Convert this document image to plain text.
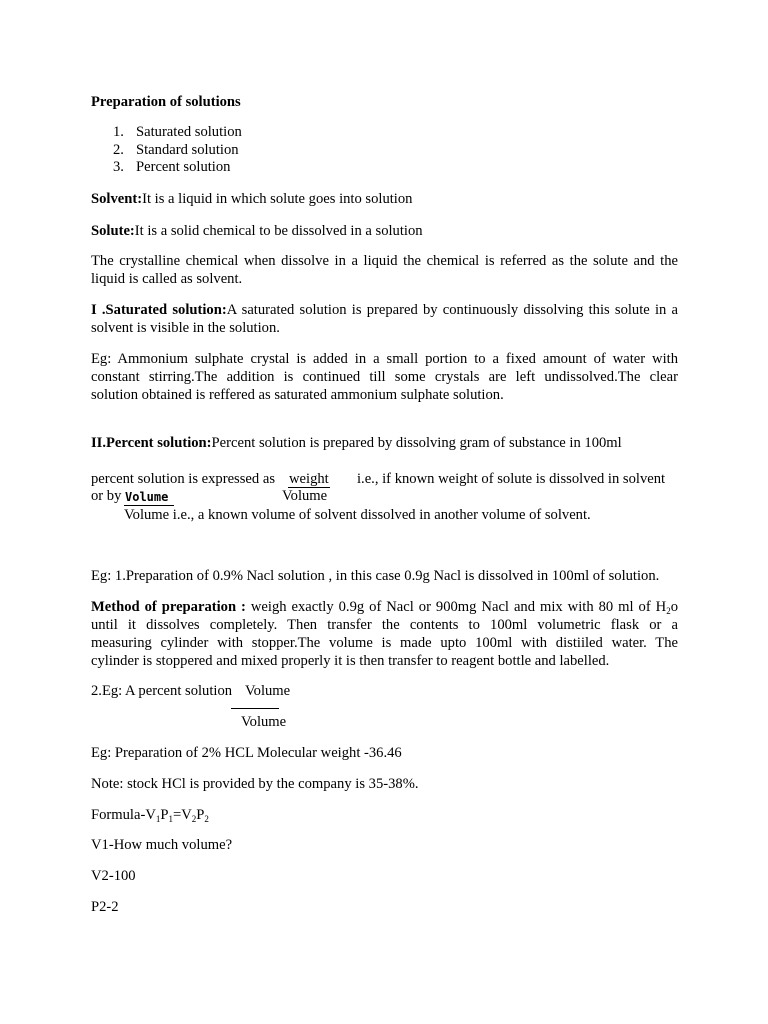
Preparation of solutions
1. Saturated solution
2. Standard solution
3. Percent solution
Solvent:It is a liquid in which solute goes into solution
Solute:It is a solid chemical to be dissolved in a solution
The crystalline chemical when dissolve in a liquid the chemical is referred as the solute and the
liquid is called as solvent.
I .Saturated solution:A saturated solution is prepared by continuously dissolving this solute in a
solvent is visible in the solution.
Eg: Ammonium sulphate crystal is added in a small portion to a fixed amount of water with
constant stirring.The addition is continued till some crystals are left undissolved.The clear
solution obtained is reffered as saturated ammonium sulphate solution.
II.Percent solution:Percent solution is prepared by dissolving gram of substance in 100ml
percent solution is expressed as weight i.e., if known weight of solute is dissolved in solvent
or by Volume	Volume
Volume i.e., a known volume of solvent dissolved in another volume of solvent.
Eg: 1.Preparation of 0.9% Nacl solution , in this case 0.9g Nacl is dissolved in 100ml of solution.
Method of preparation : weigh exactly 0.9g of Nacl or 900mg Nacl and mix with 80 ml of $H_2o$
until it dissolves completely. Then transfer the contents to 100ml volumetric flask or a
measuring cylinder with stopper.The volume is made upto 100ml with distiiled water. The
cylinder is stoppered and mixed properly it is then transfer to reagent bottle and labelled.
2.Eg: A percent solution Volume
Volume
Eg: Preparation of 2% HCL Molecular weight -36.46
Note: stock HCl is provided by the company is 35-38%.
Formula-$V_1P_1=V_2P_2$
V1-How much volume?
V2-100
P2-2
